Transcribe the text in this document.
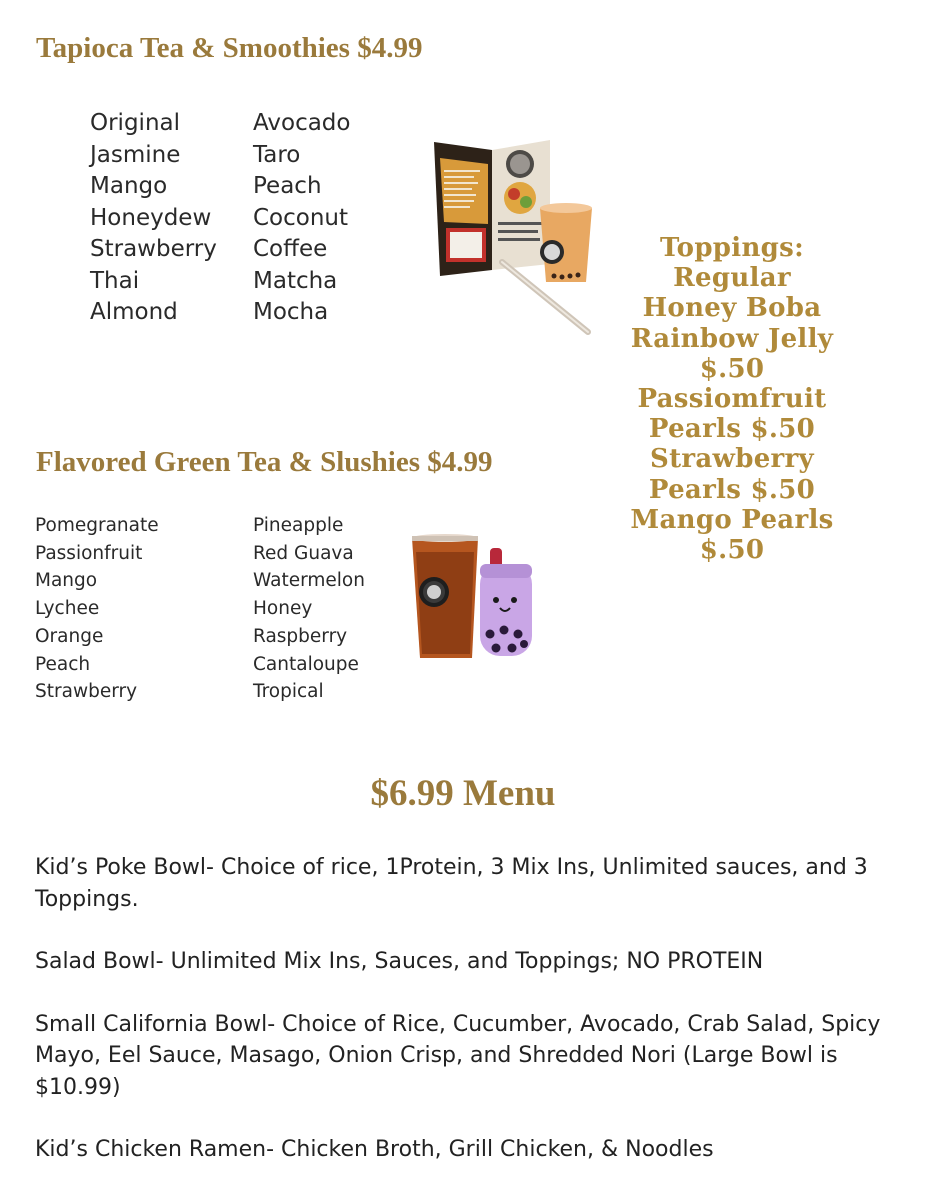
Tapioca Tea & Smoothies $4.99
Original
Jasmine
Mango
Honeydew
Strawberry
Thai
Almond
Avocado
Taro
Peach
Coconut
Coffee
Matcha
Mocha
Toppings:
Regular
Honey Boba
Rainbow Jelly
$.50
Passiomfruit
Pearls $.50
Strawberry
Pearls $.50
Mango Pearls
$.50
Flavored Green Tea & Slushies $4.99
Pomegranate
Passionfruit
Mango
Lychee
Orange
Peach
Strawberry
Pineapple
Red Guava
Watermelon
Honey
Raspberry
Cantaloupe
Tropical
$6.99 Menu

Kid’s Poke Bowl- Choice of rice, 1Protein, 3 Mix Ins, Unlimited sauces, and 3 Toppings.

Salad Bowl- Unlimited Mix Ins, Sauces, and Toppings; NO PROTEIN

Small California Bowl- Choice of Rice, Cucumber, Avocado, Crab Salad, Spicy Mayo, Eel Sauce, Masago, Onion Crisp, and Shredded Nori (Large Bowl is $10.99)

Kid’s Chicken Ramen- Chicken Broth, Grill Chicken, & Noodles
